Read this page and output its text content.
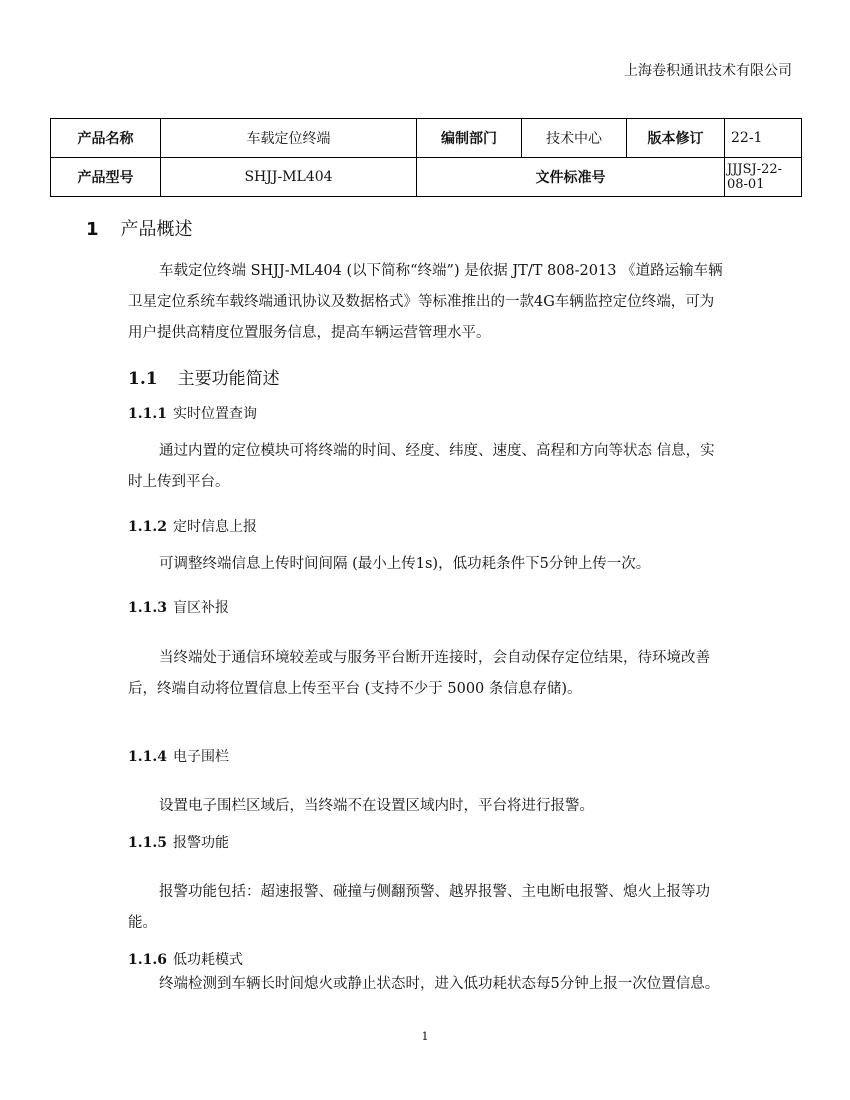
上海卷积通讯技术有限公司
产品名称	车载定位终端	编制部门	技术中心	版本修订	22-1
产品型号	SHJJ-ML404	文件标准号			JJJSJ-22-08-01
1 产品概述

车载定位终端 SHJJ-ML404 (以下简称“终端”) 是依据 JT/T 808-2013 《道路运输车辆卫星定位系统车载终端通讯协议及数据格式》等标准推出的一款4G车辆监控定位终端，可为用户提供高精度位置服务信息，提高车辆运营管理水平。

1.1 主要功能简述
1.1.1 实时位置查询

通过内置的定位模块可将终端的时间、经度、纬度、速度、高程和方向等状态 信息，实时上传到平台。

1.1.2 定时信息上报

可调整终端信息上传时间间隔 (最小上传1s)，低功耗条件下5分钟上传一次。

1.1.3 盲区补报

当终端处于通信环境较差或与服务平台断开连接时，会自动保存定位结果，待环境改善后，终端自动将位置信息上传至平台 (支持不少于 5000 条信息存储)。

1.1.4 电子围栏

设置电子围栏区域后，当终端不在设置区域内时，平台将进行报警。

1.1.5 报警功能

报警功能包括：超速报警、碰撞与侧翻预警、越界报警、主电断电报警、熄火上报等功能。

1.1.6 低功耗模式

终端检测到车辆长时间熄火或静止状态时，进入低功耗状态每5分钟上报一次位置信息。

1
